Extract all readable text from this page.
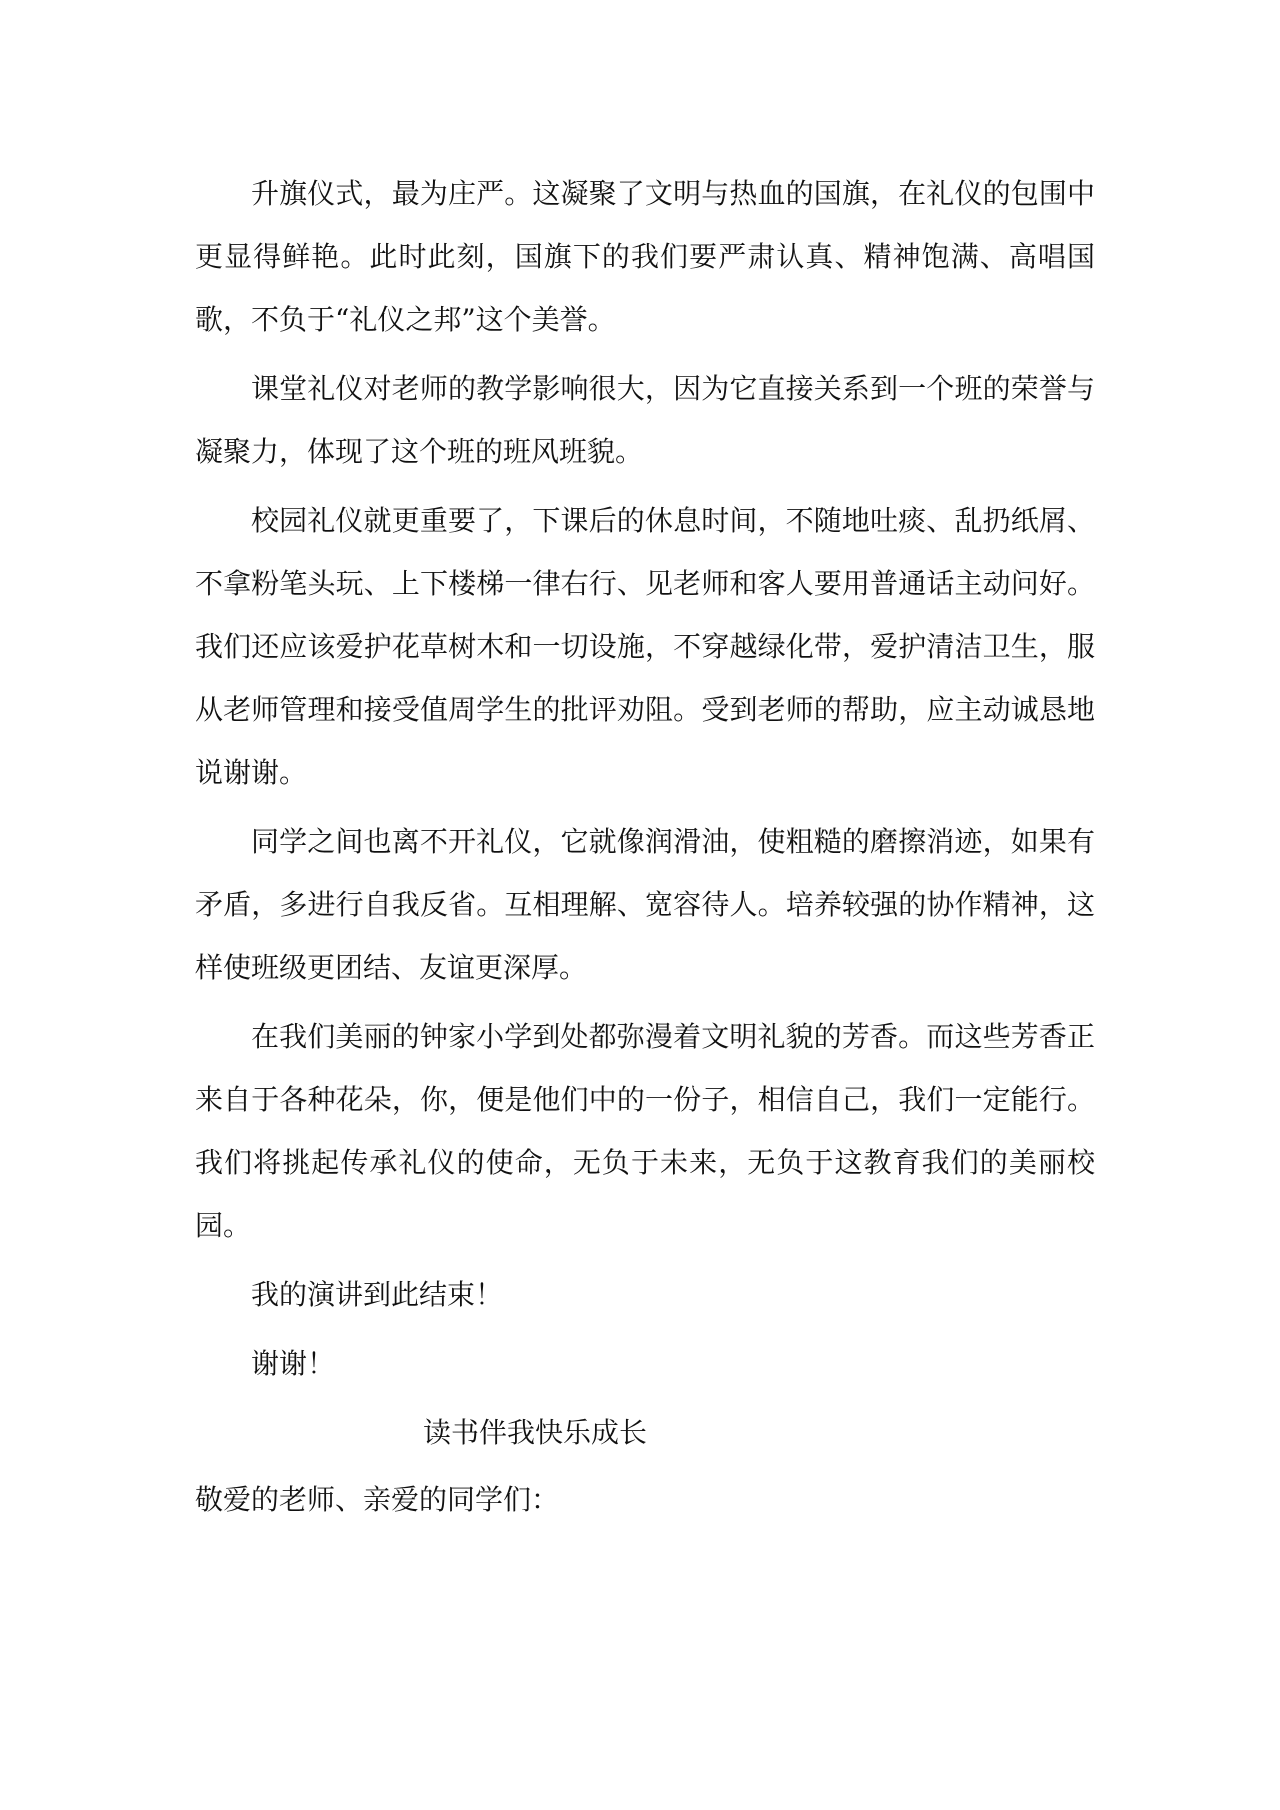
升旗仪式，最为庄严。这凝聚了文明与热血的国旗，在礼仪的包围中更显得鲜艳。此时此刻，国旗下的我们要严肃认真、精神饱满、高唱国歌，不负于“礼仪之邦”这个美誉。

课堂礼仪对老师的教学影响很大，因为它直接关系到一个班的荣誉与凝聚力，体现了这个班的班风班貌。

校园礼仪就更重要了，下课后的休息时间，不随地吐痰、乱扔纸屑、不拿粉笔头玩、上下楼梯一律右行、见老师和客人要用普通话主动问好。我们还应该爱护花草树木和一切设施，不穿越绿化带，爱护清洁卫生，服从老师管理和接受值周学生的批评劝阻。受到老师的帮助，应主动诚恳地说谢谢。

同学之间也离不开礼仪，它就像润滑油，使粗糙的磨擦消迹，如果有矛盾，多进行自我反省。互相理解、宽容待人。培养较强的协作精神，这样使班级更团结、友谊更深厚。

在我们美丽的钟家小学到处都弥漫着文明礼貌的芳香。而这些芳香正来自于各种花朵，你，便是他们中的一份子，相信自己，我们一定能行。我们将挑起传承礼仪的使命，无负于未来，无负于这教育我们的美丽校园。

我的演讲到此结束！

谢谢！

读书伴我快乐成长

敬爱的老师、亲爱的同学们：
